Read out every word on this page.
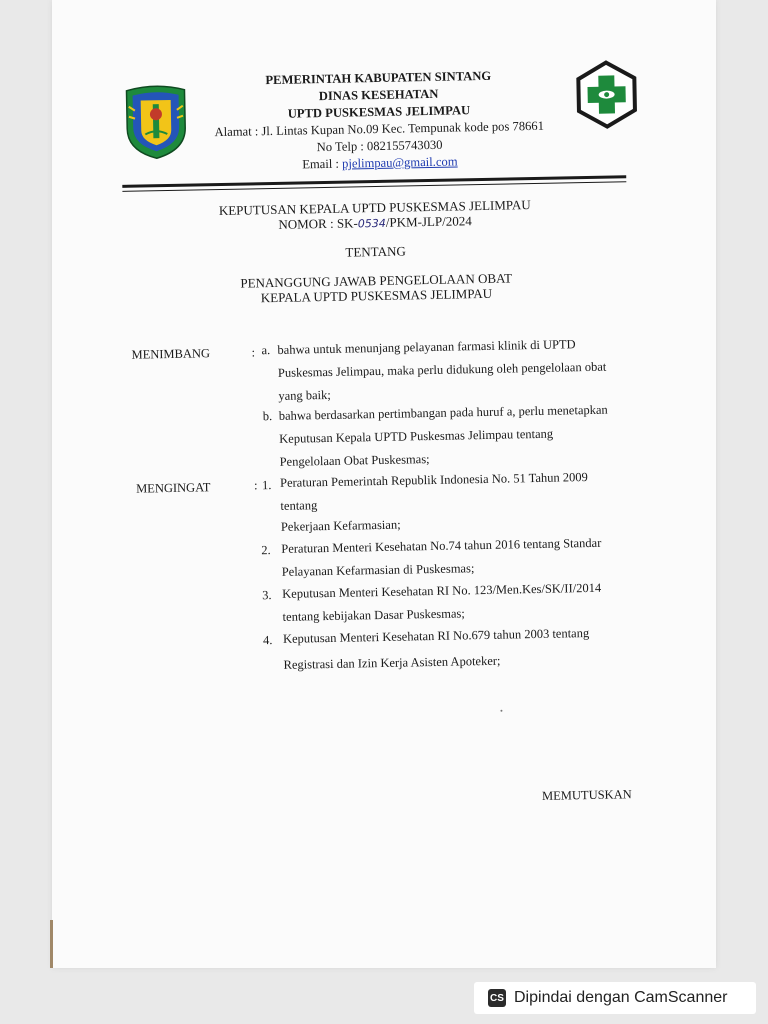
PEMERINTAH KABUPATEN SINTANG
DINAS KESEHATAN
UPTD PUSKESMAS JELIMPAU
Alamat : Jl. Lintas Kupan No.09 Kec. Tempunak kode pos 78661
No Telp : 082155743030
Email : pjelimpau@gmail.com
KEPUTUSAN KEPALA UPTD PUSKESMAS JELIMPAU
NOMOR : SK-0534/PKM-JLP/2024
TENTANG
PENANGGUNG JAWAB PENGELOLAAN OBAT
KEPALA UPTD PUSKESMAS JELIMPAU
MENIMBANG	: a. bahwa untuk menunjang pelayanan farmasi klinik di UPTD
Puskesmas Jelimpau, maka perlu didukung oleh pengelolaan obat
yang baik;
b. bahwa berdasarkan pertimbangan pada huruf a, perlu menetapkan
Keputusan Kepala UPTD Puskesmas Jelimpau tentang
Pengelolaan Obat Puskesmas;
MENGINGAT	: 1. Peraturan Pemerintah Republik Indonesia No. 51 Tahun 2009
tentang
Pekerjaan Kefarmasian;
2. Peraturan Menteri Kesehatan No.74 tahun 2016 tentang Standar
Pelayanan Kefarmasian di Puskesmas;
3. Keputusan Menteri Kesehatan RI No. 123/Men.Kes/SK/II/2014
tentang kebijakan Dasar Puskesmas;
4. Keputusan Menteri Kesehatan RI No.679 tahun 2003 tentang
Registrasi dan Izin Kerja Asisten Apoteker;
MEMUTUSKAN
CS Dipindai dengan CamScanner
